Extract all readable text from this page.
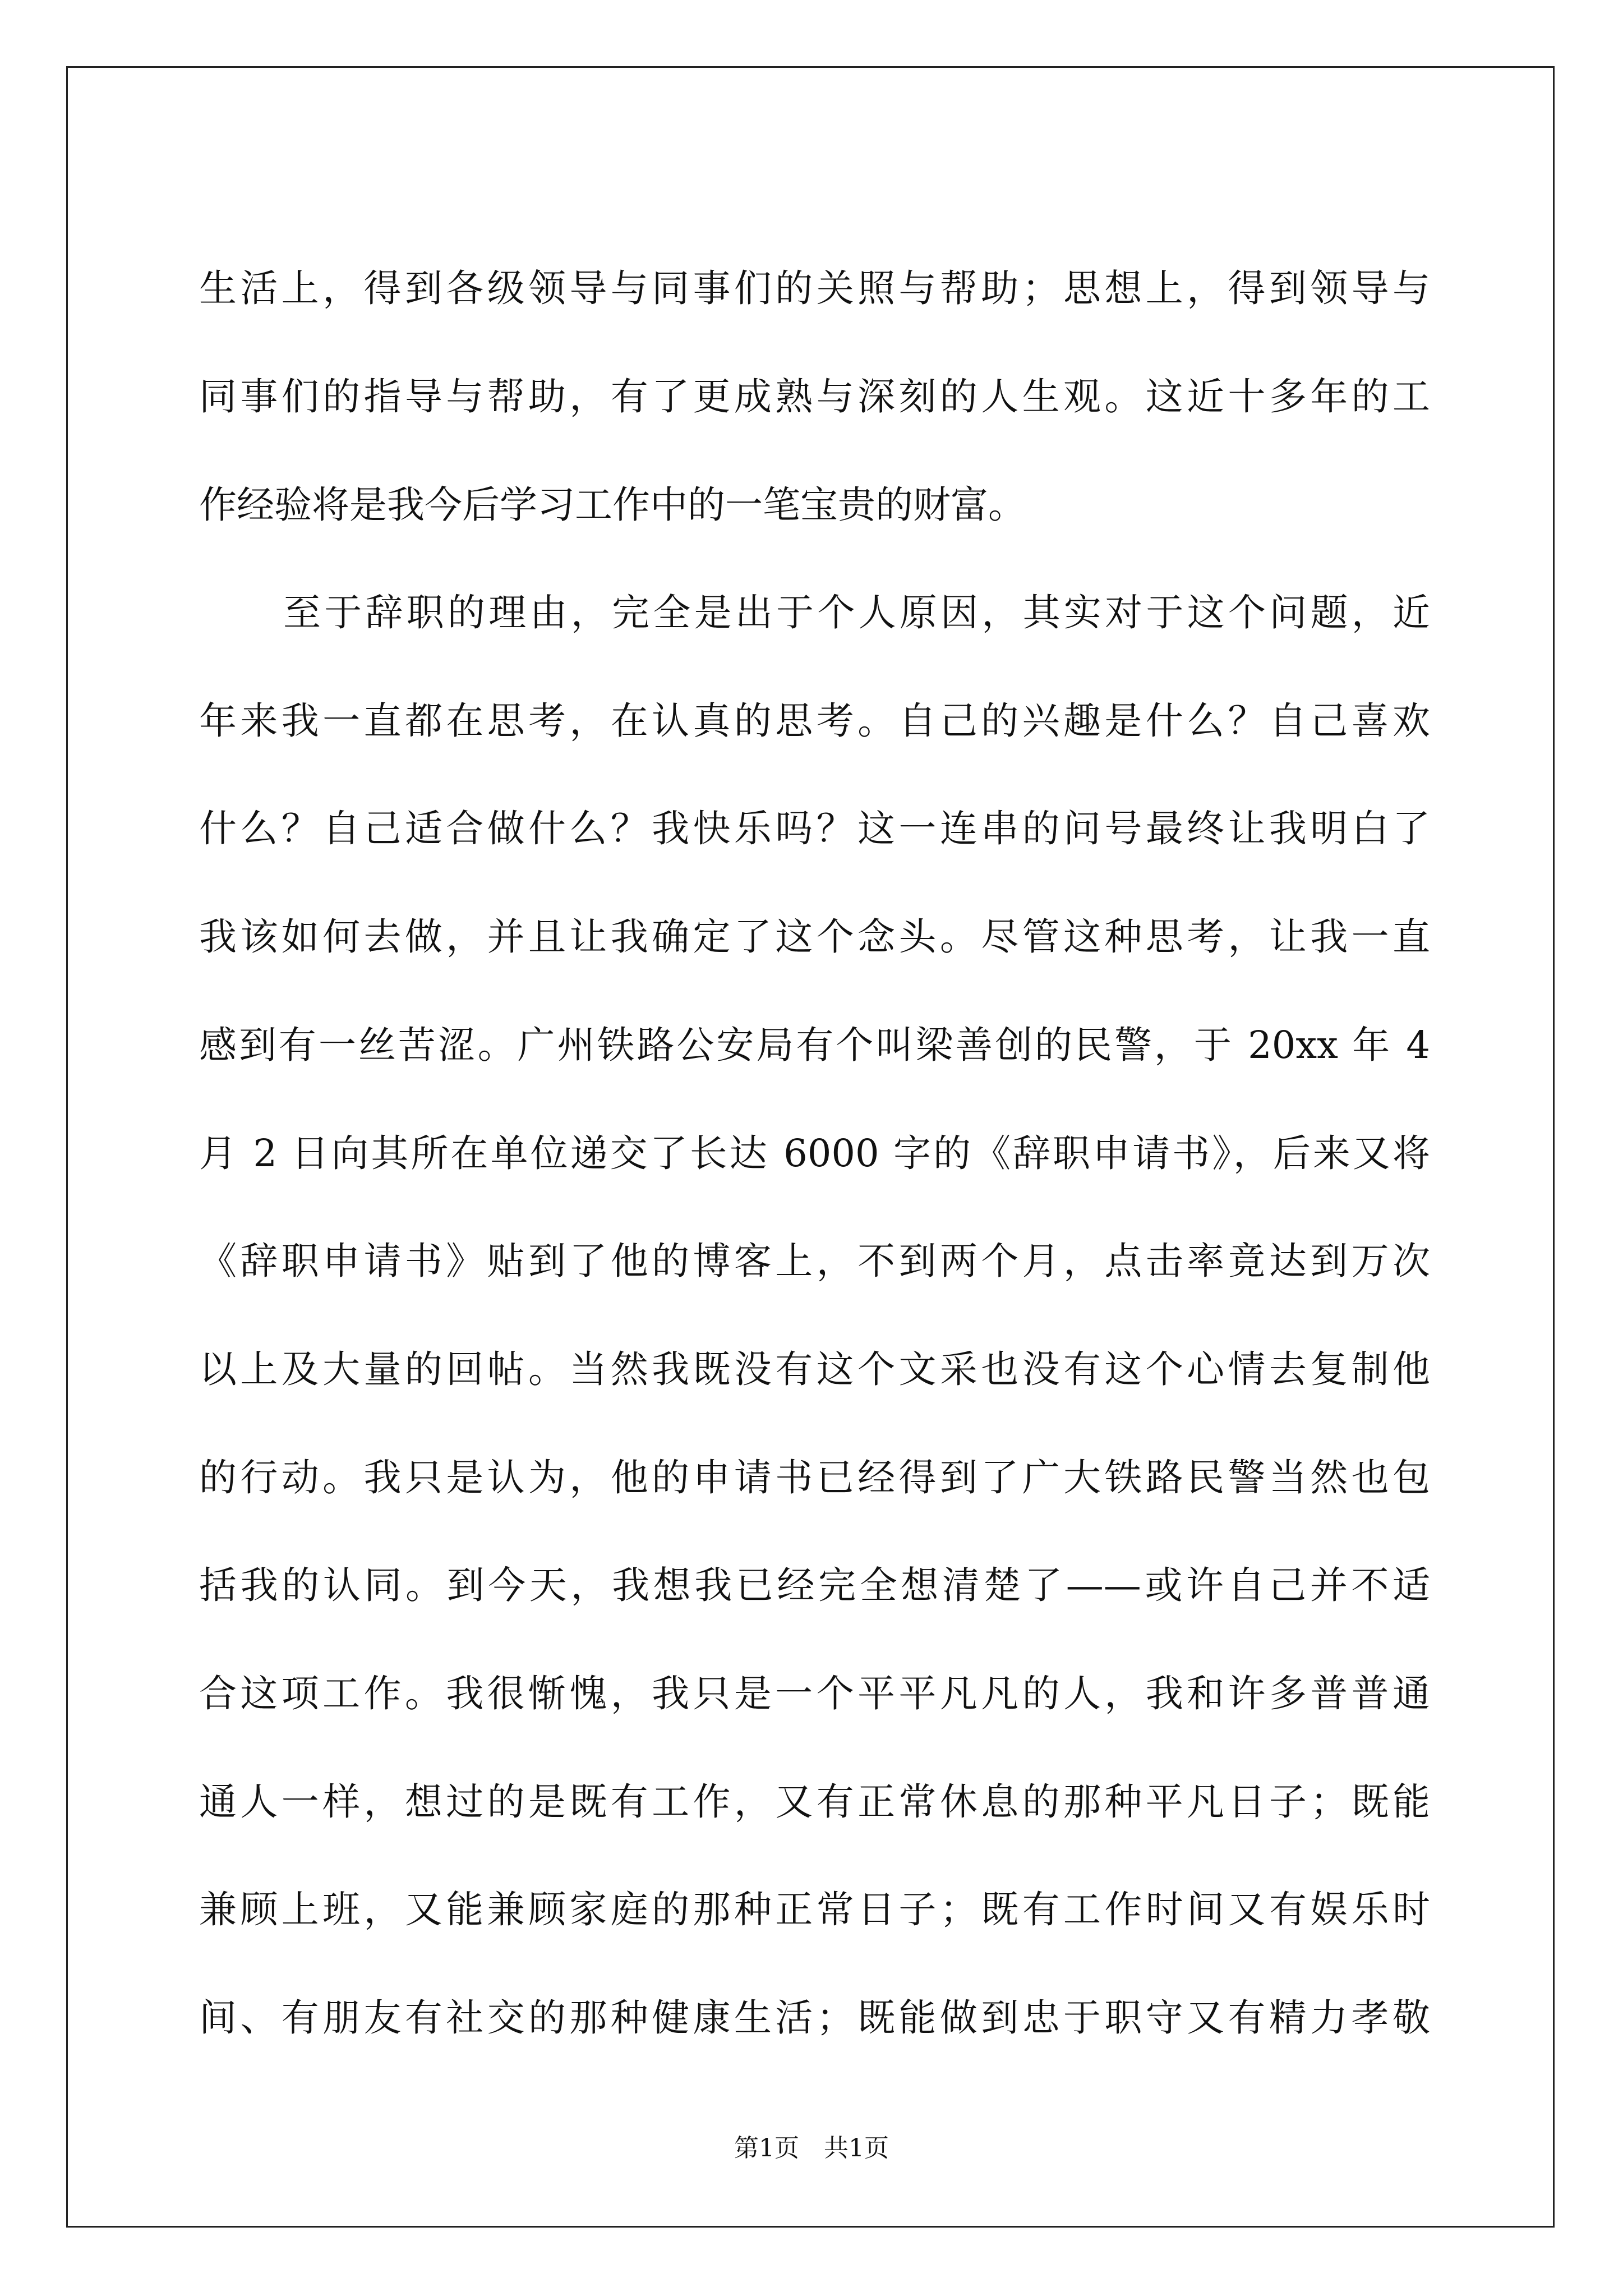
生活上，得到各级领导与同事们的关照与帮助；思想上，得到领导与

同事们的指导与帮助，有了更成熟与深刻的人生观。这近十多年的工

作经验将是我今后学习工作中的一笔宝贵的财富。

至于辞职的理由，完全是出于个人原因，其实对于这个问题，近

年来我一直都在思考，在认真的思考。自己的兴趣是什么？自己喜欢

什么？自己适合做什么？我快乐吗？这一连串的问号最终让我明白了

我该如何去做，并且让我确定了这个念头。尽管这种思考，让我一直

感到有一丝苦涩。广州铁路公安局有个叫梁善创的民警，于 20xx 年 4

月 2 日向其所在单位递交了长达 6000 字的《辞职申请书》，后来又将

《辞职申请书》贴到了他的博客上，不到两个月，点击率竟达到万次

以上及大量的回帖。当然我既没有这个文采也没有这个心情去复制他

的行动。我只是认为，他的申请书已经得到了广大铁路民警当然也包

括我的认同。到今天，我想我已经完全想清楚了——或许自己并不适

合这项工作。我很惭愧，我只是一个平平凡凡的人，我和许多普普通

通人一样，想过的是既有工作，又有正常休息的那种平凡日子；既能

兼顾上班，又能兼顾家庭的那种正常日子；既有工作时间又有娱乐时

间、有朋友有社交的那种健康生活；既能做到忠于职守又有精力孝敬

第1页　共1页
